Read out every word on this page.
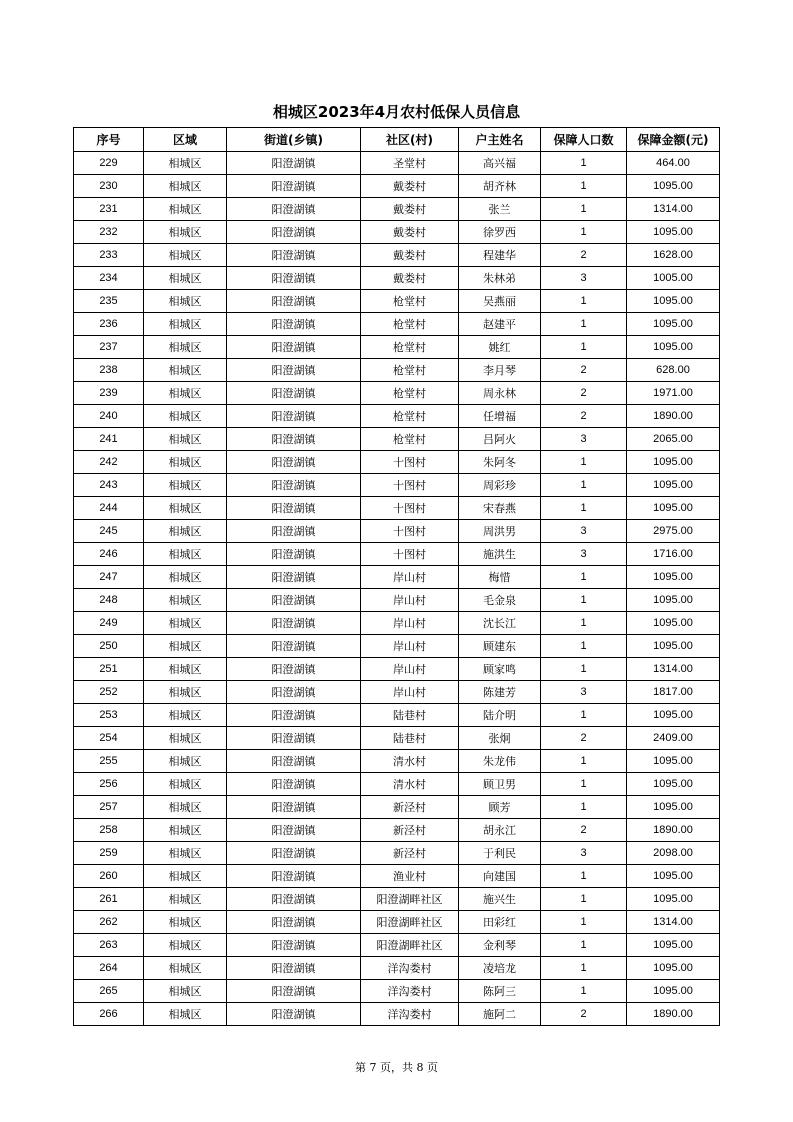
相城区2023年4月农村低保人员信息
序号	区域	街道(乡镇)	社区(村)	户主姓名	保障人口数	保障金额(元)
229	相城区	阳澄湖镇	圣堂村	高兴福	1	464.00
230	相城区	阳澄湖镇	戴娄村	胡齐林	1	1095.00
231	相城区	阳澄湖镇	戴娄村	张兰	1	1314.00
232	相城区	阳澄湖镇	戴娄村	徐罗西	1	1095.00
233	相城区	阳澄湖镇	戴娄村	程建华	2	1628.00
234	相城区	阳澄湖镇	戴娄村	朱林弟	3	1005.00
235	相城区	阳澄湖镇	枪堂村	吴燕丽	1	1095.00
236	相城区	阳澄湖镇	枪堂村	赵建平	1	1095.00
237	相城区	阳澄湖镇	枪堂村	姚红	1	1095.00
238	相城区	阳澄湖镇	枪堂村	李月琴	2	628.00
239	相城区	阳澄湖镇	枪堂村	周永林	2	1971.00
240	相城区	阳澄湖镇	枪堂村	任增福	2	1890.00
241	相城区	阳澄湖镇	枪堂村	吕阿火	3	2065.00
242	相城区	阳澄湖镇	十图村	朱阿冬	1	1095.00
243	相城区	阳澄湖镇	十图村	周彩珍	1	1095.00
244	相城区	阳澄湖镇	十图村	宋春燕	1	1095.00
245	相城区	阳澄湖镇	十图村	周洪男	3	2975.00
246	相城区	阳澄湖镇	十图村	施洪生	3	1716.00
247	相城区	阳澄湖镇	岸山村	梅惜	1	1095.00
248	相城区	阳澄湖镇	岸山村	毛金泉	1	1095.00
249	相城区	阳澄湖镇	岸山村	沈长江	1	1095.00
250	相城区	阳澄湖镇	岸山村	顾建东	1	1095.00
251	相城区	阳澄湖镇	岸山村	顾家鸣	1	1314.00
252	相城区	阳澄湖镇	岸山村	陈建芳	3	1817.00
253	相城区	阳澄湖镇	陆巷村	陆介明	1	1095.00
254	相城区	阳澄湖镇	陆巷村	张炯	2	2409.00
255	相城区	阳澄湖镇	清水村	朱龙伟	1	1095.00
256	相城区	阳澄湖镇	清水村	顾卫男	1	1095.00
257	相城区	阳澄湖镇	新泾村	顾芳	1	1095.00
258	相城区	阳澄湖镇	新泾村	胡永江	2	1890.00
259	相城区	阳澄湖镇	新泾村	于利民	3	2098.00
260	相城区	阳澄湖镇	渔业村	向建国	1	1095.00
261	相城区	阳澄湖镇	阳澄湖畔社区	施兴生	1	1095.00
262	相城区	阳澄湖镇	阳澄湖畔社区	田彩红	1	1314.00
263	相城区	阳澄湖镇	阳澄湖畔社区	金利琴	1	1095.00
264	相城区	阳澄湖镇	洋沟娄村	凌培龙	1	1095.00
265	相城区	阳澄湖镇	洋沟娄村	陈阿三	1	1095.00
266	相城区	阳澄湖镇	洋沟娄村	施阿二	2	1890.00
第 7 页，共 8 页
